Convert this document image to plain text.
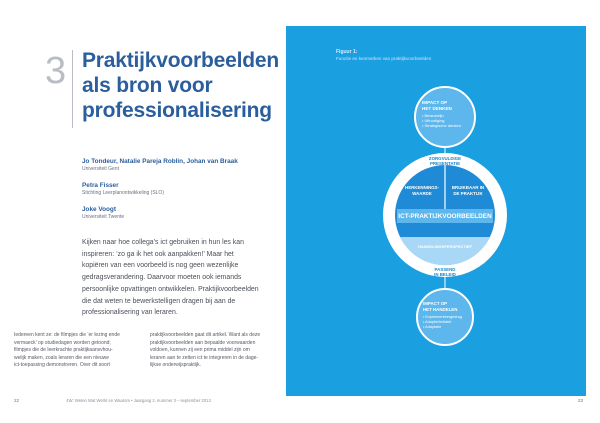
3 Praktijkvoorbeelden als bron voor professionalisering
Jo Tondeur, Natalie Pareja Roblin, Johan van Braak
Universiteit Gent
Petra Fisser
Stichting Leerplanontwikkeling (SLO)
Joke Voogt
Universiteit Twente

Kijken naar hoe collega’s ict gebruiken in hun les kan
inspireren: ‘zo ga ik het ook aanpakken!’ Maar het
kopiëren van een voorbeeld is nog geen wezenlijke
gedragsverandering. Daarvoor moeten ook iemands
persoonlijke opvattingen ontwikkelen. Praktijkvoorbeelden
die dat weten te bewerkstelligen dragen bij aan de
professionalisering van leraren.

Iedereen kent ze: de filmpjes die ‘er lezing ende
vermaeck’ op studiedagen worden getoond;
filmpjes die de leerkrachte praktijkaansvhou-
welijk maken, zoals leraren die een nieuwe
ict-toepassing demonstreren. Over dit soort

praktijkvoorbeelden gaat dit artikel. Want als deze
praktijkvoorbeelden aan bepaalde voorwaarden
voldoen, kunnen zij een prima middel zijn om
leraren aan te zetten ict te integreren in de dage-
lijkse onderwijspraktijk.

22	4W: Weten Wat Werkt en Waarom • Jaargang 2, nummer 3 – september 2013
Figuur 1:
Functie en kenmerken van praktijkvoorbeelden
IMPACT OP
HET DENKEN
• Bewustzijn
• Uitnodiging
• Strategische denken
ZORGVULDIGE
PRESENTATIE
HERKENNINGS-
WAARDE
BRUIKBAAR IN
DE PRAKTIJK
ICT-PRAKTIJKVOORBEELDEN
HANDELINGSPERSPECTIEF
PASSEND
IN BELEID
IMPACT OP
HET HANDELEN
• Experimenteergedrag
• Adoptie/Imitatie
• Adaptatie
23
